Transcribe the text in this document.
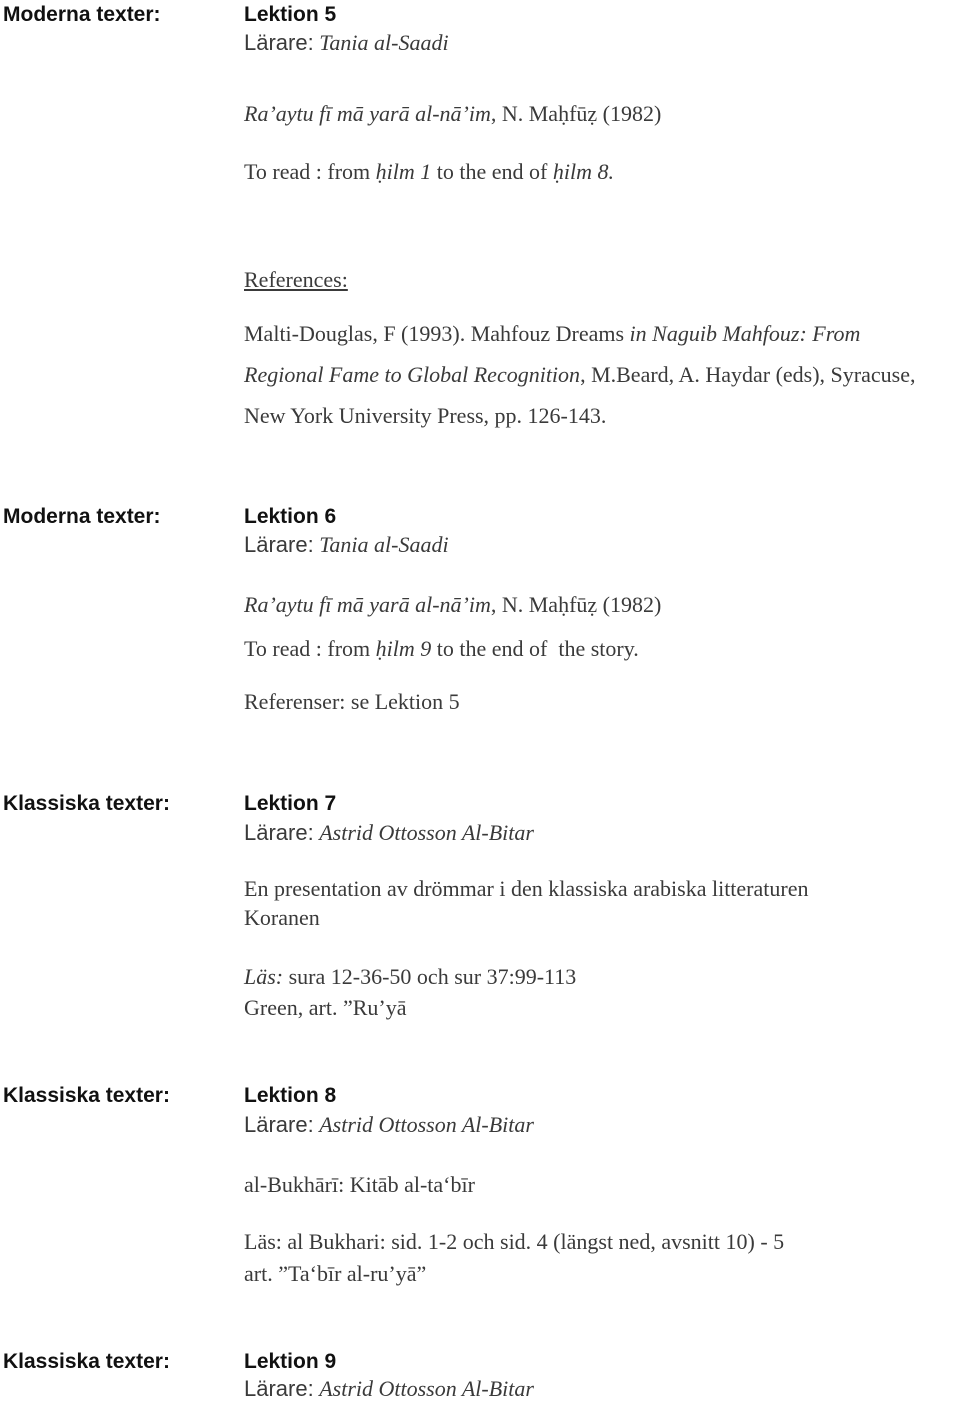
Moderna texter:	Lektion 5
Lärare: Tania al-Saadi
Ra’aytu fī mā yarā al-nā’im, N. Maḥfūẓ (1982)
To read : from ḥilm 1 to the end of ḥilm 8.
References:
Malti-Douglas, F (1993). Mahfouz Dreams in Naguib Mahfouz: From
Regional Fame to Global Recognition, M.Beard, A. Haydar (eds), Syracuse,
New York University Press, pp. 126-143.
Moderna texter:	Lektion 6
Lärare: Tania al-Saadi
Ra’aytu fī mā yarā al-nā’im, N. Maḥfūẓ (1982)
To read : from ḥilm 9 to the end of  the story.
Referenser: se Lektion 5
Klassiska texter:	Lektion 7
Lärare: Astrid Ottosson Al-Bitar
En presentation av drömmar i den klassiska arabiska litteraturen
Koranen
Läs: sura 12-36-50 och sur 37:99-113
Green, art. ”Ru’yā
Klassiska texter:	Lektion 8
Lärare: Astrid Ottosson Al-Bitar
al-Bukhārī: Kitāb al-ta‘bīr
Läs: al Bukhari: sid. 1-2 och sid. 4 (längst ned, avsnitt 10) - 5
art. ”Ta‘bīr al-ru’yā”
Klassiska texter:	Lektion 9
Lärare: Astrid Ottosson Al-Bitar
